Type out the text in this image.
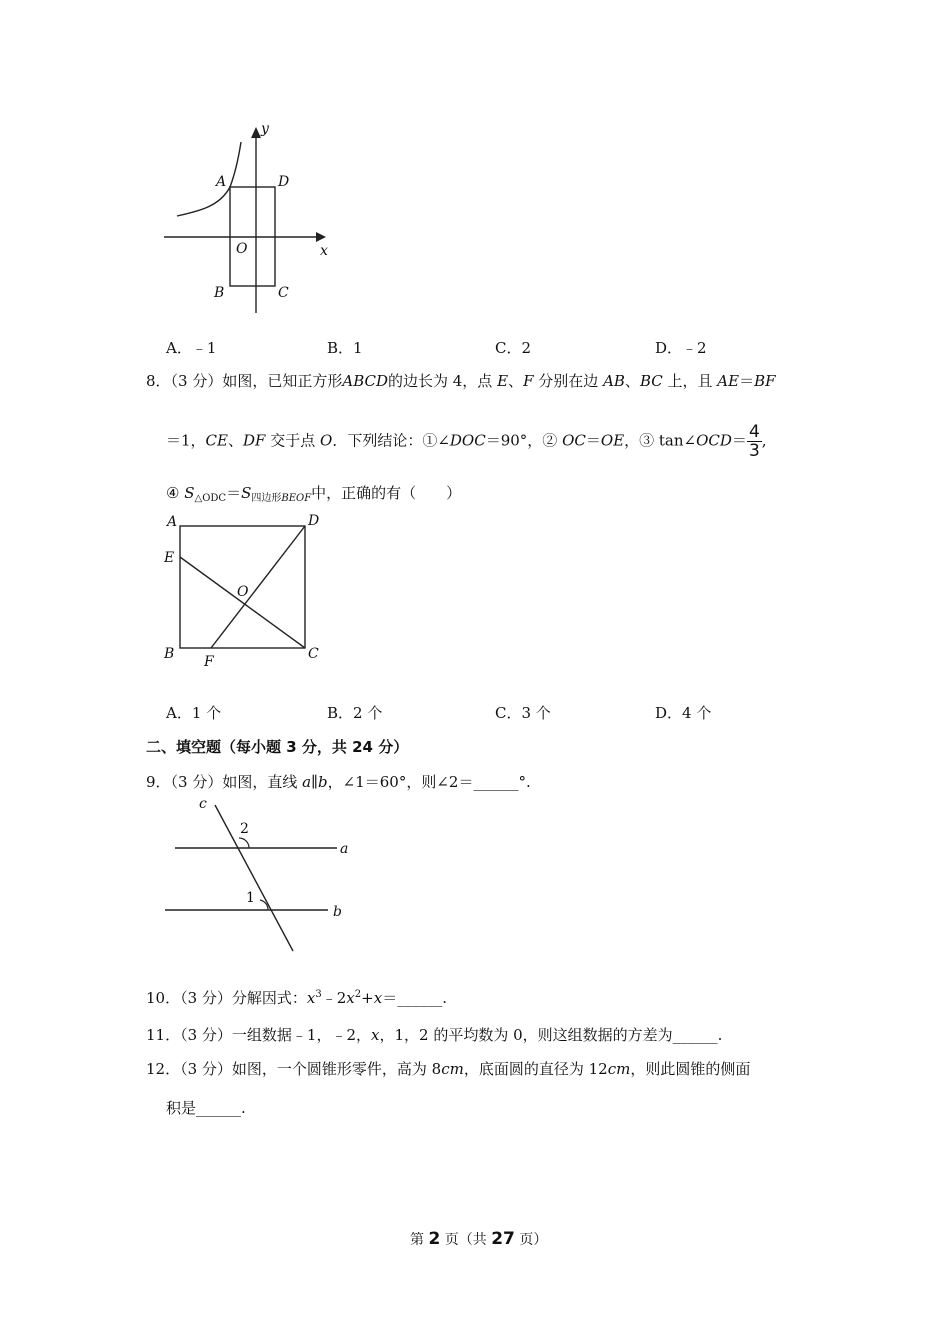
y
x
A	D
O
B	C
A．﹣1	B．1	C．2	D．﹣2
8．（3 分）如图，已知正方形ABCD的边长为 4，点 E、F 分别在边 AB、BC 上，且 AE＝BF
＝1，CE、DF 交于点 O．下列结论：①∠DOC＝90°，② OC＝OE，③ tan∠OCD＝ $\frac{4}{3}$ ,
④ $S_{\triangle ODC}=S_{四边形BEOF}$中，正确的有（　　）
A	D
E
O
B F	C
A．1 个	B．2 个	C．3 个	D．4 个
二、填空题（每小题 3 分，共 24 分）
9．（3 分）如图，直线 a∥b，∠1＝60°，则∠2＝______°.
c
2
a
1
b
10．（3 分）分解因式：$x^3﹣2x^2+x=\_\_\_\_\_\_$.
11．（3 分）一组数据﹣1，﹣2，x，1，2 的平均数为 0，则这组数据的方差为______.
12．（3 分）如图，一个圆锥形零件，高为 8cm，底面圆的直径为 12cm，则此圆锥的侧面
积是______.
第 2 页（共 27 页）
